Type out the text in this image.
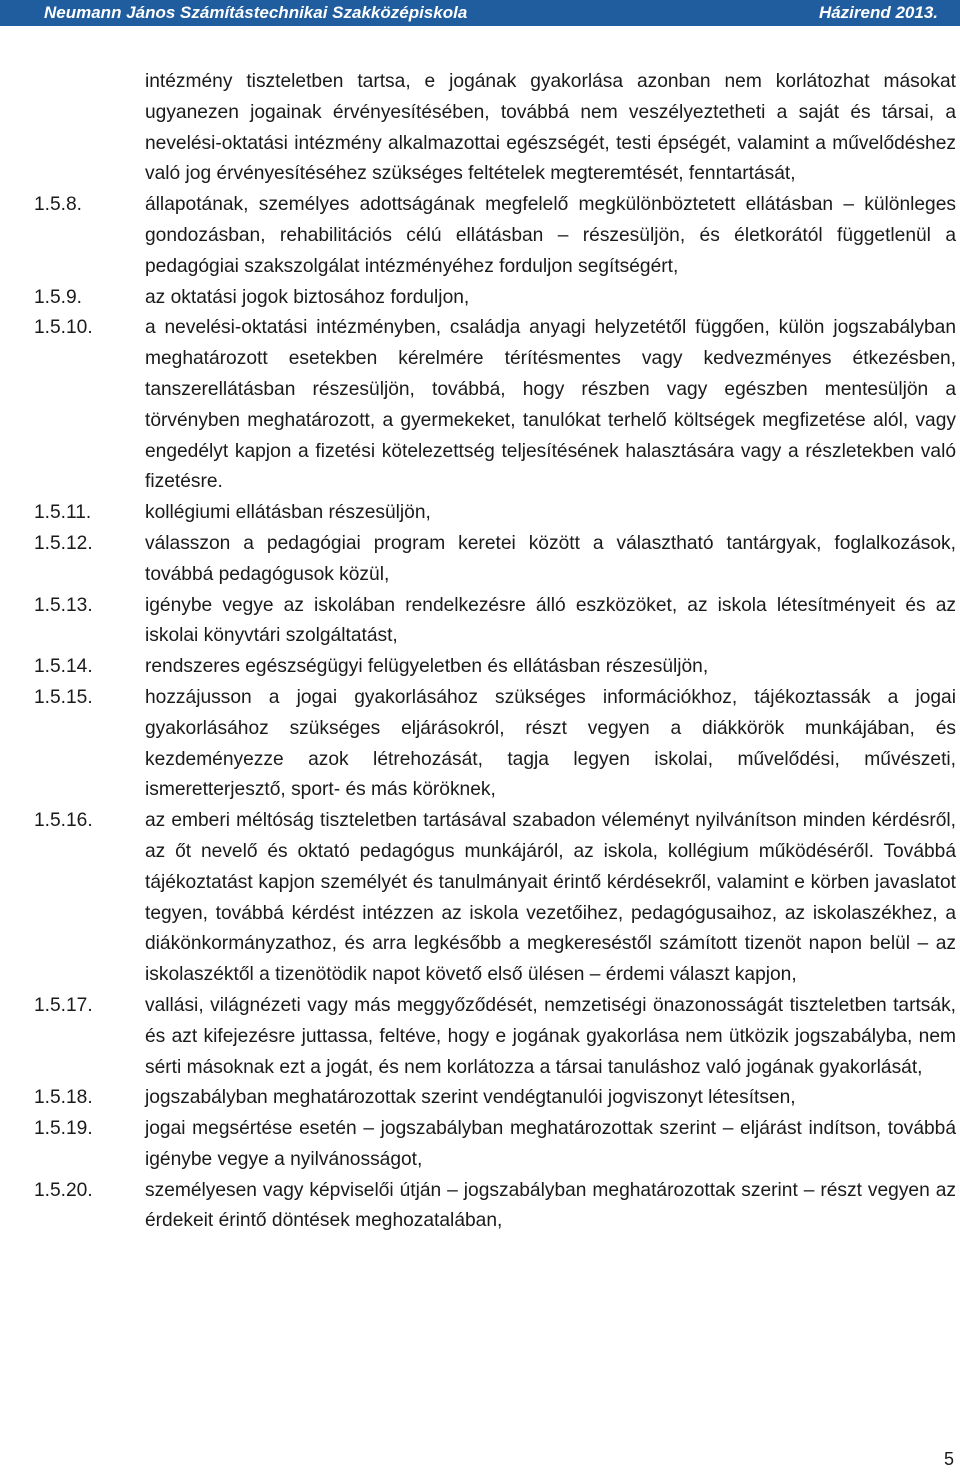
Neumann János Számítástechnikai Szakközépiskola	Házirend 2013.
intézmény tiszteletben tartsa, e jogának gyakorlása azonban nem korlátozhat másokat ugyanezen jogainak érvényesítésében, továbbá nem veszélyeztetheti a saját és társai, a nevelési-oktatási intézmény alkalmazottai egészségét, testi épségét, valamint a művelődéshez való jog érvényesítéséhez szükséges feltételek megteremtését, fenntartását,
1.5.8.	állapotának, személyes adottságának megfelelő megkülönböztetett ellátásban – különleges gondozásban, rehabilitációs célú ellátásban – részesüljön, és életkorától függetlenül a pedagógiai szakszolgálat intézményéhez forduljon segítségért,
1.5.9.	az oktatási jogok biztosához forduljon,
1.5.10.	a nevelési-oktatási intézményben, családja anyagi helyzetétől függően, külön jogszabályban meghatározott esetekben kérelmére térítésmentes vagy kedvezményes étkezésben, tanszerellátásban részesüljön, továbbá, hogy részben vagy egészben mentesüljön a törvényben meghatározott, a gyermekeket, tanulókat terhelő költségek megfizetése alól, vagy engedélyt kapjon a fizetési kötelezettség teljesítésének halasztására vagy a részletekben való fizetésre.
1.5.11.	kollégiumi ellátásban részesüljön,
1.5.12.	válasszon a pedagógiai program keretei között a választható tantárgyak, foglalkozások, továbbá pedagógusok közül,
1.5.13.	igénybe vegye az iskolában rendelkezésre álló eszközöket, az iskola létesítményeit és az iskolai könyvtári szolgáltatást,
1.5.14.	rendszeres egészségügyi felügyeletben és ellátásban részesüljön,
1.5.15.	hozzájusson a jogai gyakorlásához szükséges információkhoz, tájékoztassák a jogai gyakorlásához szükséges eljárásokról, részt vegyen a diákkörök munkájában, és kezdeményezze azok létrehozását, tagja legyen iskolai, művelődési, művészeti, ismeretterjesztő, sport- és más köröknek,
1.5.16.	az emberi méltóság tiszteletben tartásával szabadon véleményt nyilvánítson minden kérdésről, az őt nevelő és oktató pedagógus munkájáról, az iskola, kollégium működéséről. Továbbá tájékoztatást kapjon személyét és tanulmányait érintő kérdésekről, valamint e körben javaslatot tegyen, továbbá kérdést intézzen az iskola vezetőihez, pedagógusaihoz, az iskolaszékhez, a diákönkormányzathoz, és arra legkésőbb a megkereséstől számított tizenöt napon belül – az iskolaszéktől a tizenötödik napot követő első ülésen – érdemi választ kapjon,
1.5.17.	vallási, világnézeti vagy más meggyőződését, nemzetiségi önazonosságát tiszteletben tartsák, és azt kifejezésre juttassa, feltéve, hogy e jogának gyakorlása nem ütközik jogszabályba, nem sérti másoknak ezt a jogát, és nem korlátozza a társai tanuláshoz való jogának gyakorlását,
1.5.18.	jogszabályban meghatározottak szerint vendégtanulói jogviszonyt létesítsen,
1.5.19.	jogai megsértése esetén – jogszabályban meghatározottak szerint – eljárást indítson, továbbá igénybe vegye a nyilvánosságot,
1.5.20.	személyesen vagy képviselői útján – jogszabályban meghatározottak szerint – részt vegyen az érdekeit érintő döntések meghozatalában,
5
